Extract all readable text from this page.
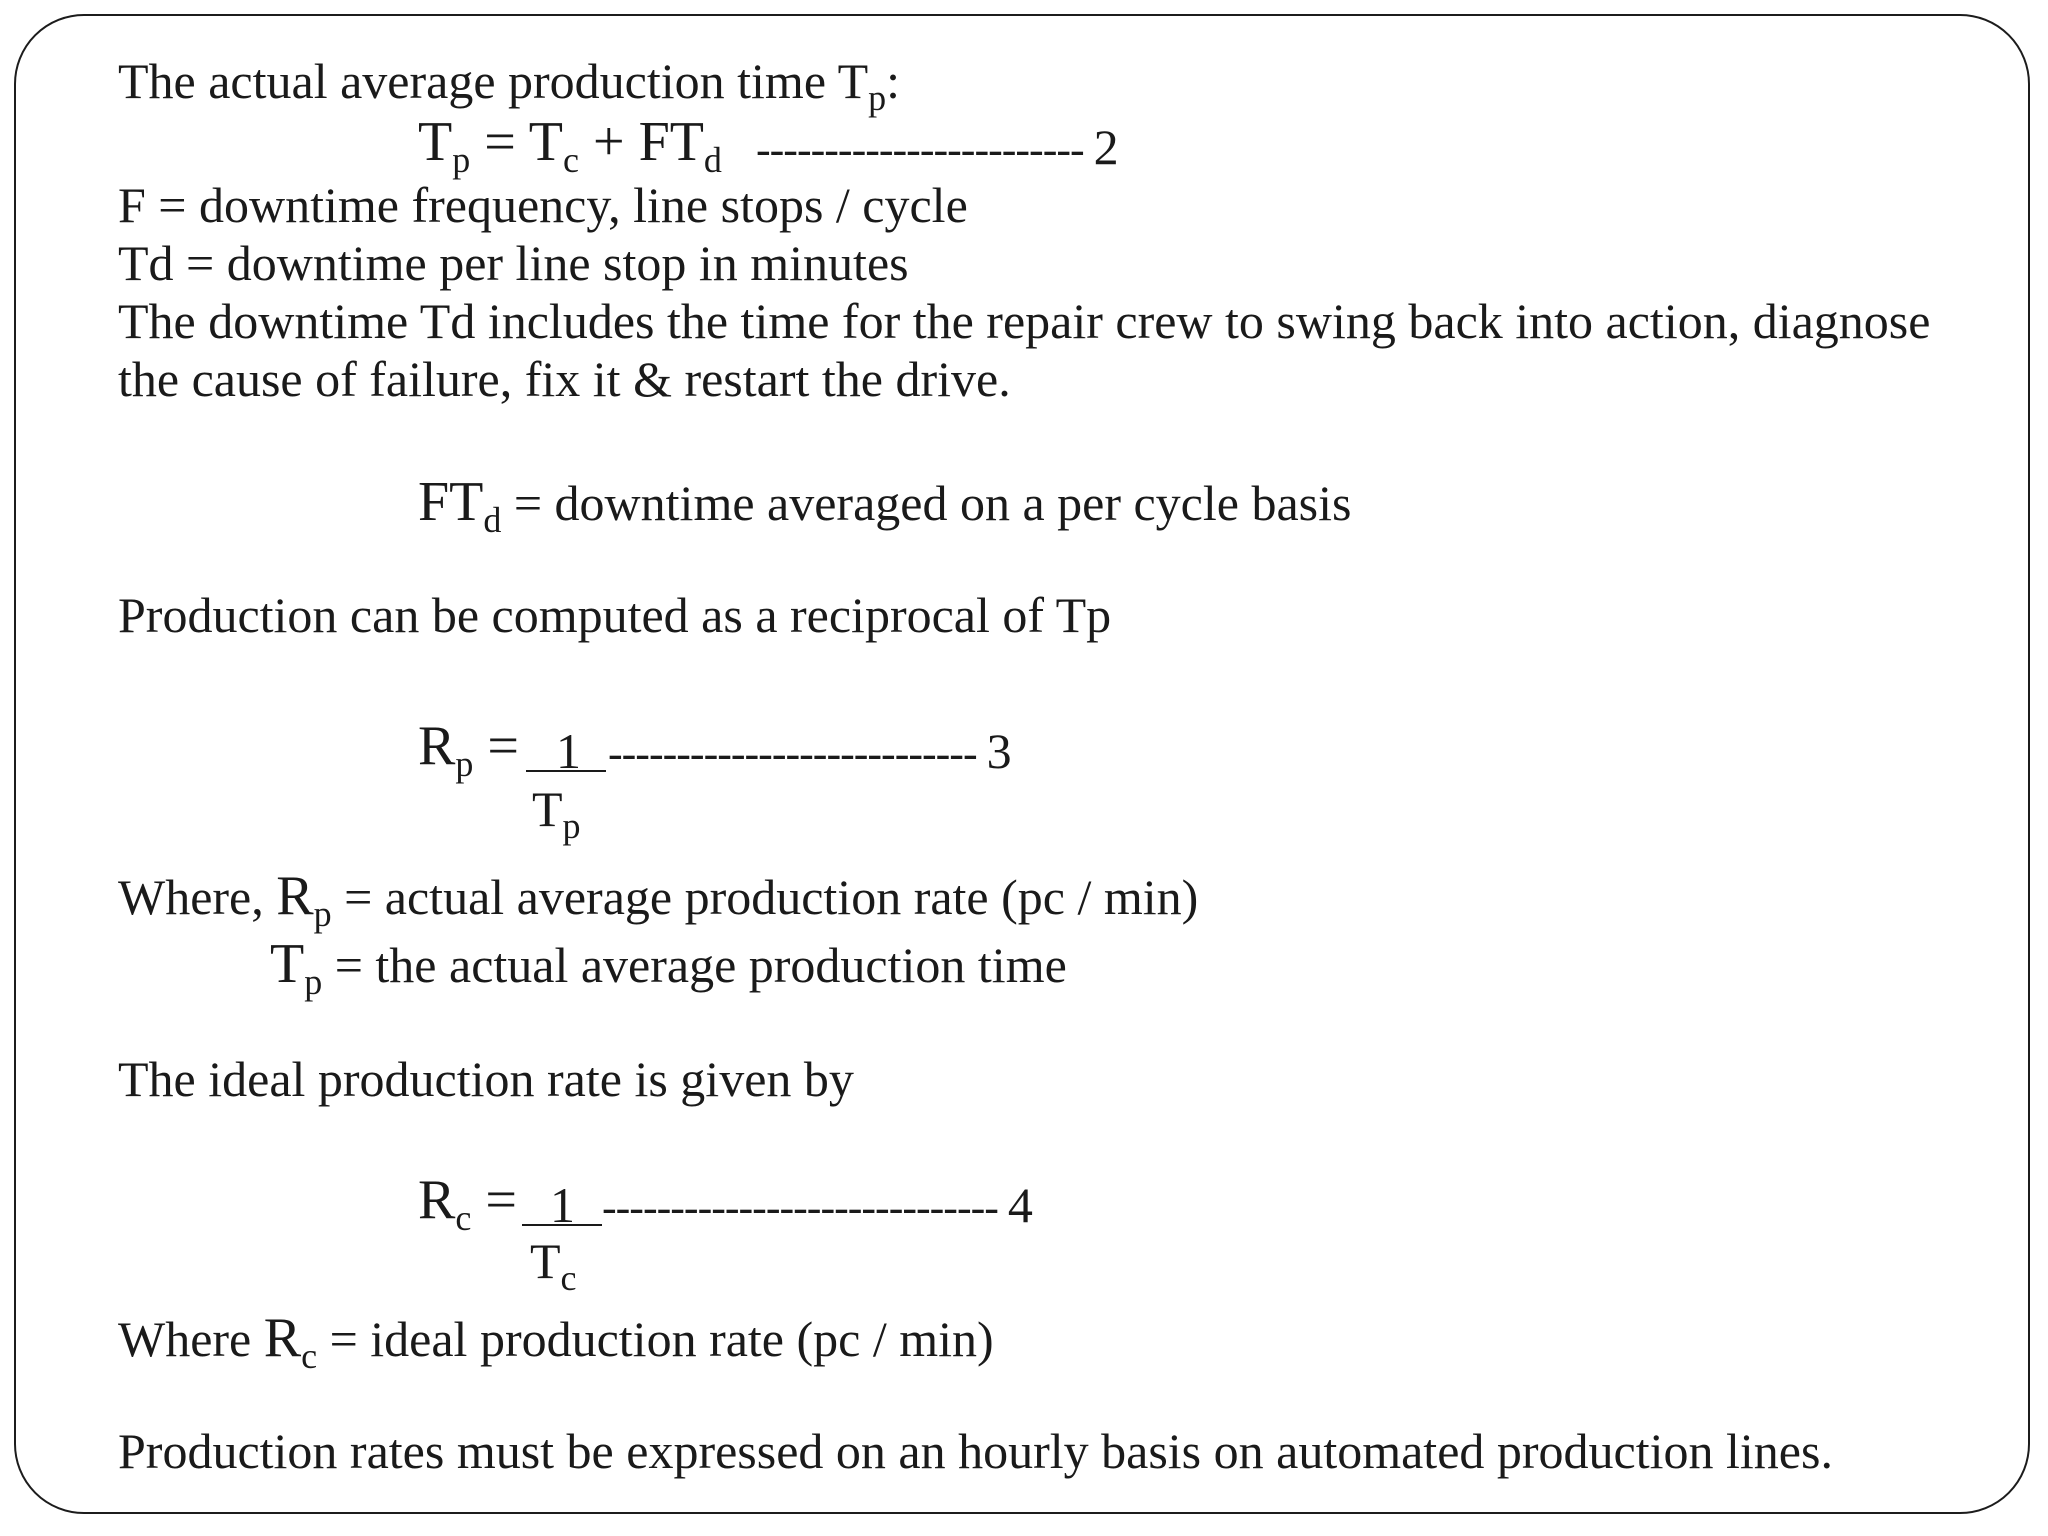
The actual average production time $T_p$:
$T_p = T_c + FT_d$ ------------------------ 2
F = downtime frequency, line stops / cycle
Td = downtime per line stop in minutes
The downtime Td includes the time for the repair crew to swing back into action, diagnose
the cause of failure, fix it & restart the drive.
$FT_d$ = downtime averaged on a per cycle basis
Production can be computed as a reciprocal of Tp
$R_p = 1$
$T_p$
--------------------------- 3
Where, $R_p$ = actual average production rate (pc / min)
$T_p$ = the actual average production time
The ideal production rate is given by
$R_c = 1$
$T_c$
----------------------------- 4
Where $R_c$ = ideal production rate (pc / min)
Production rates must be expressed on an hourly basis on automated production lines.
